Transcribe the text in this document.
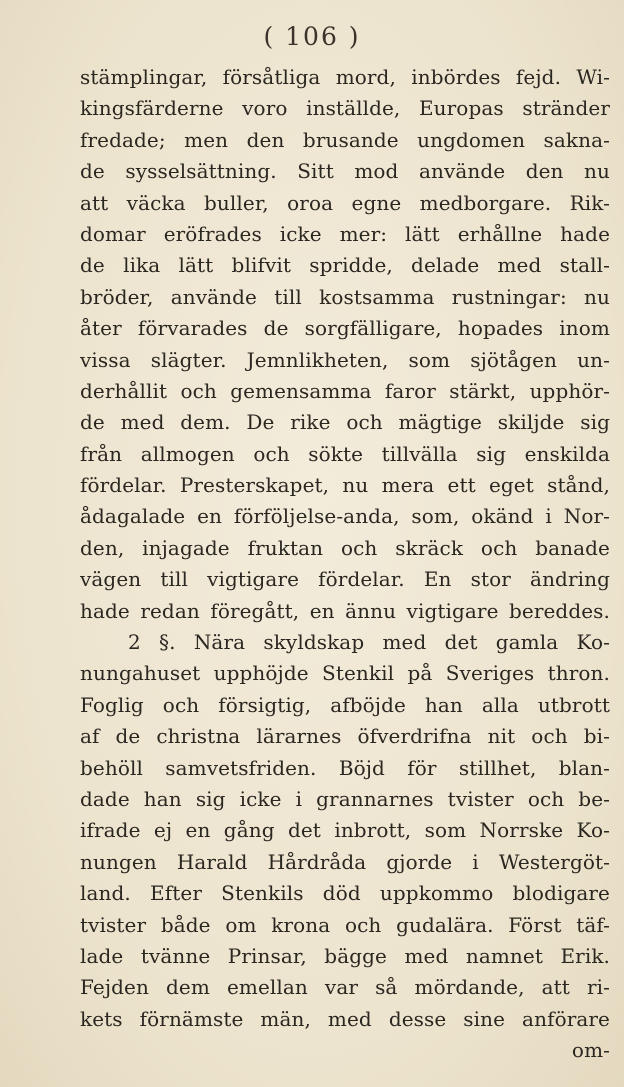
( 106 )
stämplingar, försåtliga mord, inbördes fejd. Wi-
kingsfärderne voro inställde, Europas stränder
fredade; men den brusande ungdomen sakna-
de sysselsättning. Sitt mod använde den nu
att väcka buller, oroa egne medborgare. Rik-
domar eröfrades icke mer: lätt erhållne hade
de lika lätt blifvit spridde, delade med stall-
bröder, använde till kostsamma rustningar: nu
åter förvarades de sorgfälligare, hopades inom
vissa slägter. Jemnlikheten, som sjötågen un-
derhållit och gemensamma faror stärkt, upphör-
de med dem. De rike och mägtige skiljde sig
från allmogen och sökte tillvälla sig enskilda
fördelar. Presterskapet, nu mera ett eget stånd,
ådagalade en förföljelse-anda, som, okänd i Nor-
den, injagade fruktan och skräck och banade
vägen till vigtigare fördelar. En stor ändring
hade redan föregått, en ännu vigtigare bereddes.
2 §. Nära skyldskap med det gamla Ko-
nungahuset upphöjde Stenkil på Sveriges thron.
Foglig och försigtig, afböjde han alla utbrott
af de christna lärarnes öfverdrifna nit och bi-
behöll samvetsfriden. Böjd för stillhet, blan-
dade han sig icke i grannarnes tvister och be-
ifrade ej en gång det inbrott, som Norrske Ko-
nungen Harald Hårdråda gjorde i Westergöt-
land. Efter Stenkils död uppkommo blodigare
tvister både om krona och gudalära. Först täf-
lade tvänne Prinsar, bägge med namnet Erik.
Fejden dem emellan var så mördande, att ri-
kets förnämste män, med desse sine anförare
om-
